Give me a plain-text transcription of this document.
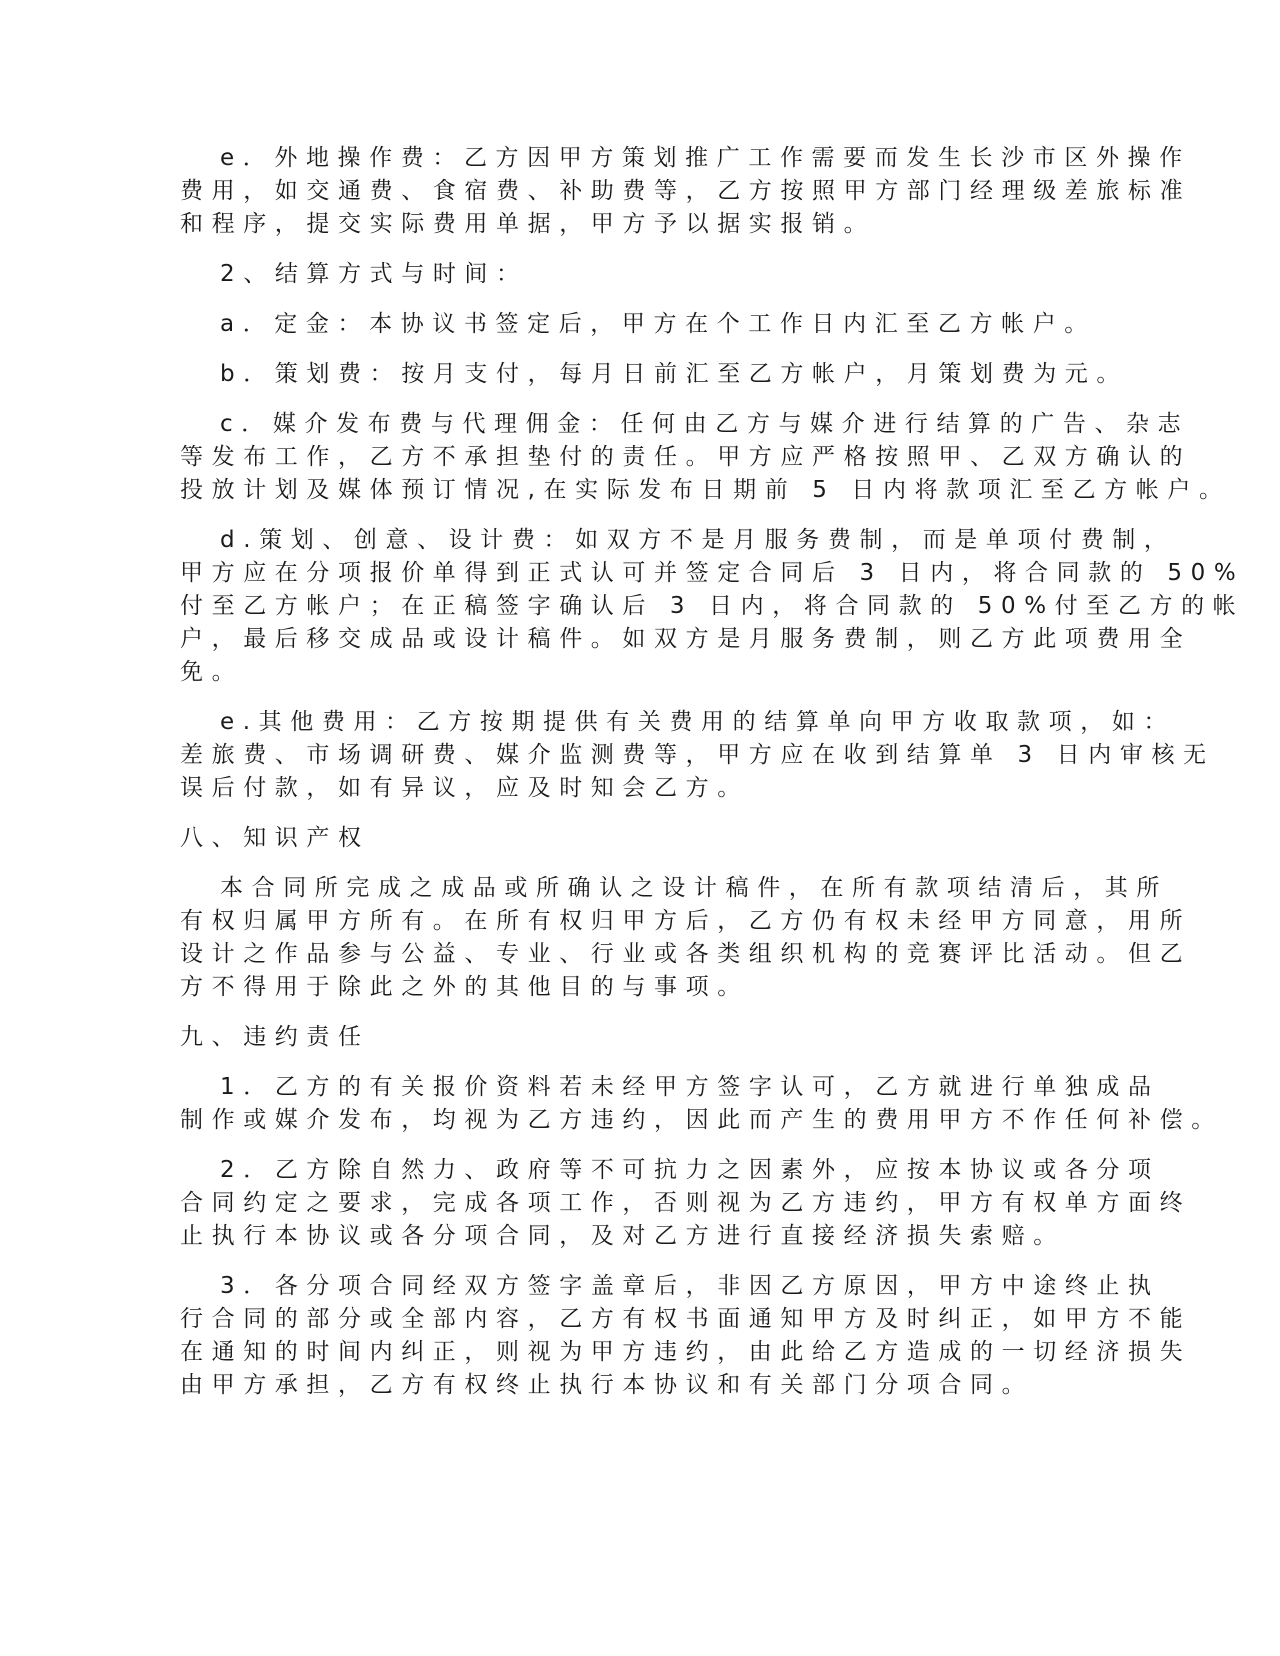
e．外地操作费：乙方因甲方策划推广工作需要而发生长沙市区外操作
费用，如交通费、食宿费、补助费等，乙方按照甲方部门经理级差旅标准
和程序，提交实际费用单据，甲方予以据实报销。

2、结算方式与时间：

a．定金：本协议书签定后，甲方在个工作日内汇至乙方帐户。

b．策划费：按月支付，每月日前汇至乙方帐户，月策划费为元。

c．媒介发布费与代理佣金：任何由乙方与媒介进行结算的广告、杂志
等发布工作，乙方不承担垫付的责任。甲方应严格按照甲、乙双方确认的
投放计划及媒体预订情况,在实际发布日期前 5 日内将款项汇至乙方帐户。

d.策划、创意、设计费：如双方不是月服务费制，而是单项付费制，
甲方应在分项报价单得到正式认可并签定合同后 3 日内，将合同款的 50%
付至乙方帐户；在正稿签字确认后 3 日内，将合同款的 50%付至乙方的帐
户，最后移交成品或设计稿件。如双方是月服务费制，则乙方此项费用全
免。

e.其他费用：乙方按期提供有关费用的结算单向甲方收取款项，如：
差旅费、市场调研费、媒介监测费等，甲方应在收到结算单 3 日内审核无
误后付款，如有异议，应及时知会乙方。

八、知识产权

本合同所完成之成品或所确认之设计稿件，在所有款项结清后，其所
有权归属甲方所有。在所有权归甲方后，乙方仍有权未经甲方同意，用所
设计之作品参与公益、专业、行业或各类组织机构的竞赛评比活动。但乙
方不得用于除此之外的其他目的与事项。

九、违约责任

1．乙方的有关报价资料若未经甲方签字认可，乙方就进行单独成品
制作或媒介发布，均视为乙方违约，因此而产生的费用甲方不作任何补偿。

2．乙方除自然力、政府等不可抗力之因素外，应按本协议或各分项
合同约定之要求，完成各项工作，否则视为乙方违约，甲方有权单方面终
止执行本协议或各分项合同，及对乙方进行直接经济损失索赔。

3．各分项合同经双方签字盖章后，非因乙方原因，甲方中途终止执
行合同的部分或全部内容，乙方有权书面通知甲方及时纠正，如甲方不能
在通知的时间内纠正，则视为甲方违约，由此给乙方造成的一切经济损失
由甲方承担，乙方有权终止执行本协议和有关部门分项合同。
